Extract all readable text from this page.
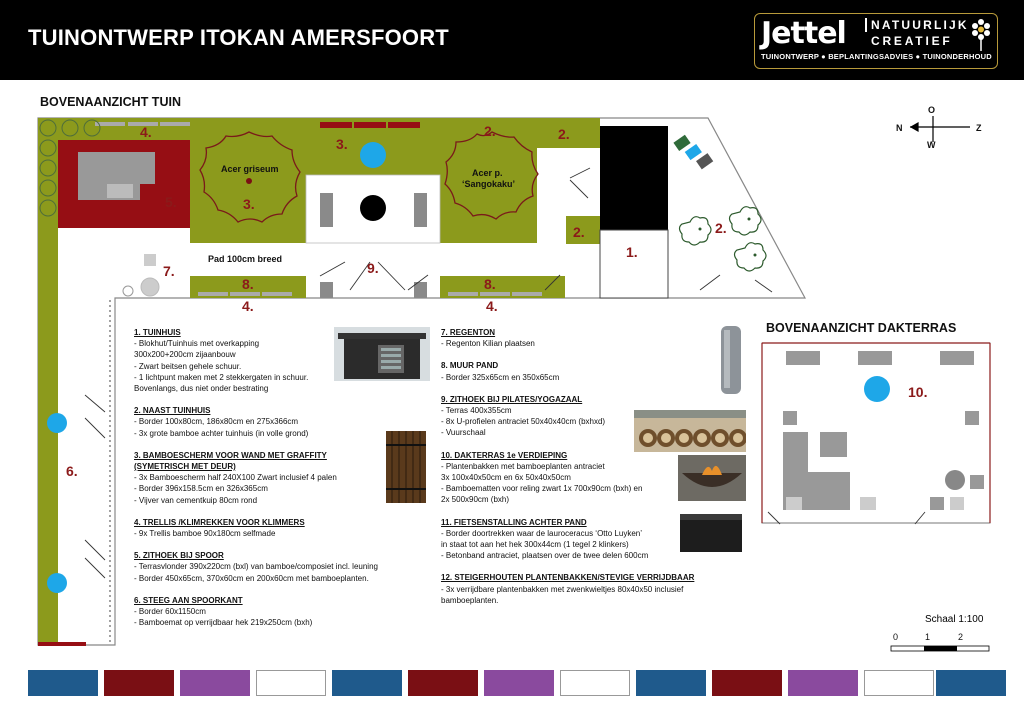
TUINONTWERP ITOKAN AMERSFOORT	Jettel	NATUURLIJK
CREATIEF
TUINONTWERP ● BEPLANTINGSADVIES ● TUINONDERHOUD
BOVENAANZICHT TUIN
BOVENAANZICHT DAKTERRAS
4.
3.
2.	2.
3.
5.
2.
1.
2.
7.	9.
8.	8.
4.	4.
6.
Acer griseum	Acer p.
‘Sangokaku’
Pad 100cm breed
O
N	Z
W
10.
0	1	2
Schaal 1:100
1. TUINHUIS
- Blokhut/Tuinhuis met overkapping
300x200+200cm zijaanbouw
- Zwart beitsen gehele schuur.
- 1 lichtpunt maken met 2 stekkergaten in schuur.
Bovenlangs, dus niet onder bestrating
2. NAAST TUINHUIS
- Border 100x80cm, 186x80cm en 275x366cm
- 3x grote bamboe achter tuinhuis (in volle grond)
3. BAMBOESCHERM VOOR WAND MET GRAFFITY
(SYMETRISCH MET DEUR)
- 3x Bamboescherm half 240X100 Zwart inclusief 4 palen
- Border 396x158.5cm en 326x365cm
- Vijver van cementkuip 80cm rond
4. TRELLIS /KLIMREKKEN VOOR KLIMMERS
- 9x Trellis bamboe 90x180cm selfmade
5. ZITHOEK BIJ SPOOR
- Terrasvlonder 390x220cm (bxl) van bamboe/composiet incl. leuning
- Border 450x65cm, 370x60cm en 200x60cm met bamboeplanten.
6. STEEG AAN SPOORKANT
- Border 60x1150cm
- Bamboemat op verrijdbaar hek 219x250cm (bxh)
7. REGENTON
- Regenton Kilian plaatsen
8. MUUR PAND
- Border 325x65cm en 350x65cm
9. ZITHOEK BIJ PILATES/YOGAZAAL
- Terras 400x355cm
- 8x U-profielen antraciet 50x40x40cm (bxhxd)
- Vuurschaal
10. DAKTERRAS 1e VERDIEPING
- Plantenbakken met bamboeplanten antraciet
3x 100x40x50cm en 6x 50x40x50cm
- Bamboematten voor reling zwart 1x 700x90cm (bxh) en
2x 500x90cm (bxh)
11. FIETSENSTALLING ACHTER PAND
- Border doortrekken waar de laurocеracus ‘Otto Luyken’
in staat tot aan het hek 300x44cm (1 tegel 2 klinkers)
- Betonband antraciet, plaatsen over de twee delen 600cm
12. STEIGERHOUTEN PLANTENBAKKEN/STEVIGE VERRIJDBAAR
- 3x verrijdbare plantenbakken met zwenkwieltjes 80x40x50 inclusief
bamboeplanten.
